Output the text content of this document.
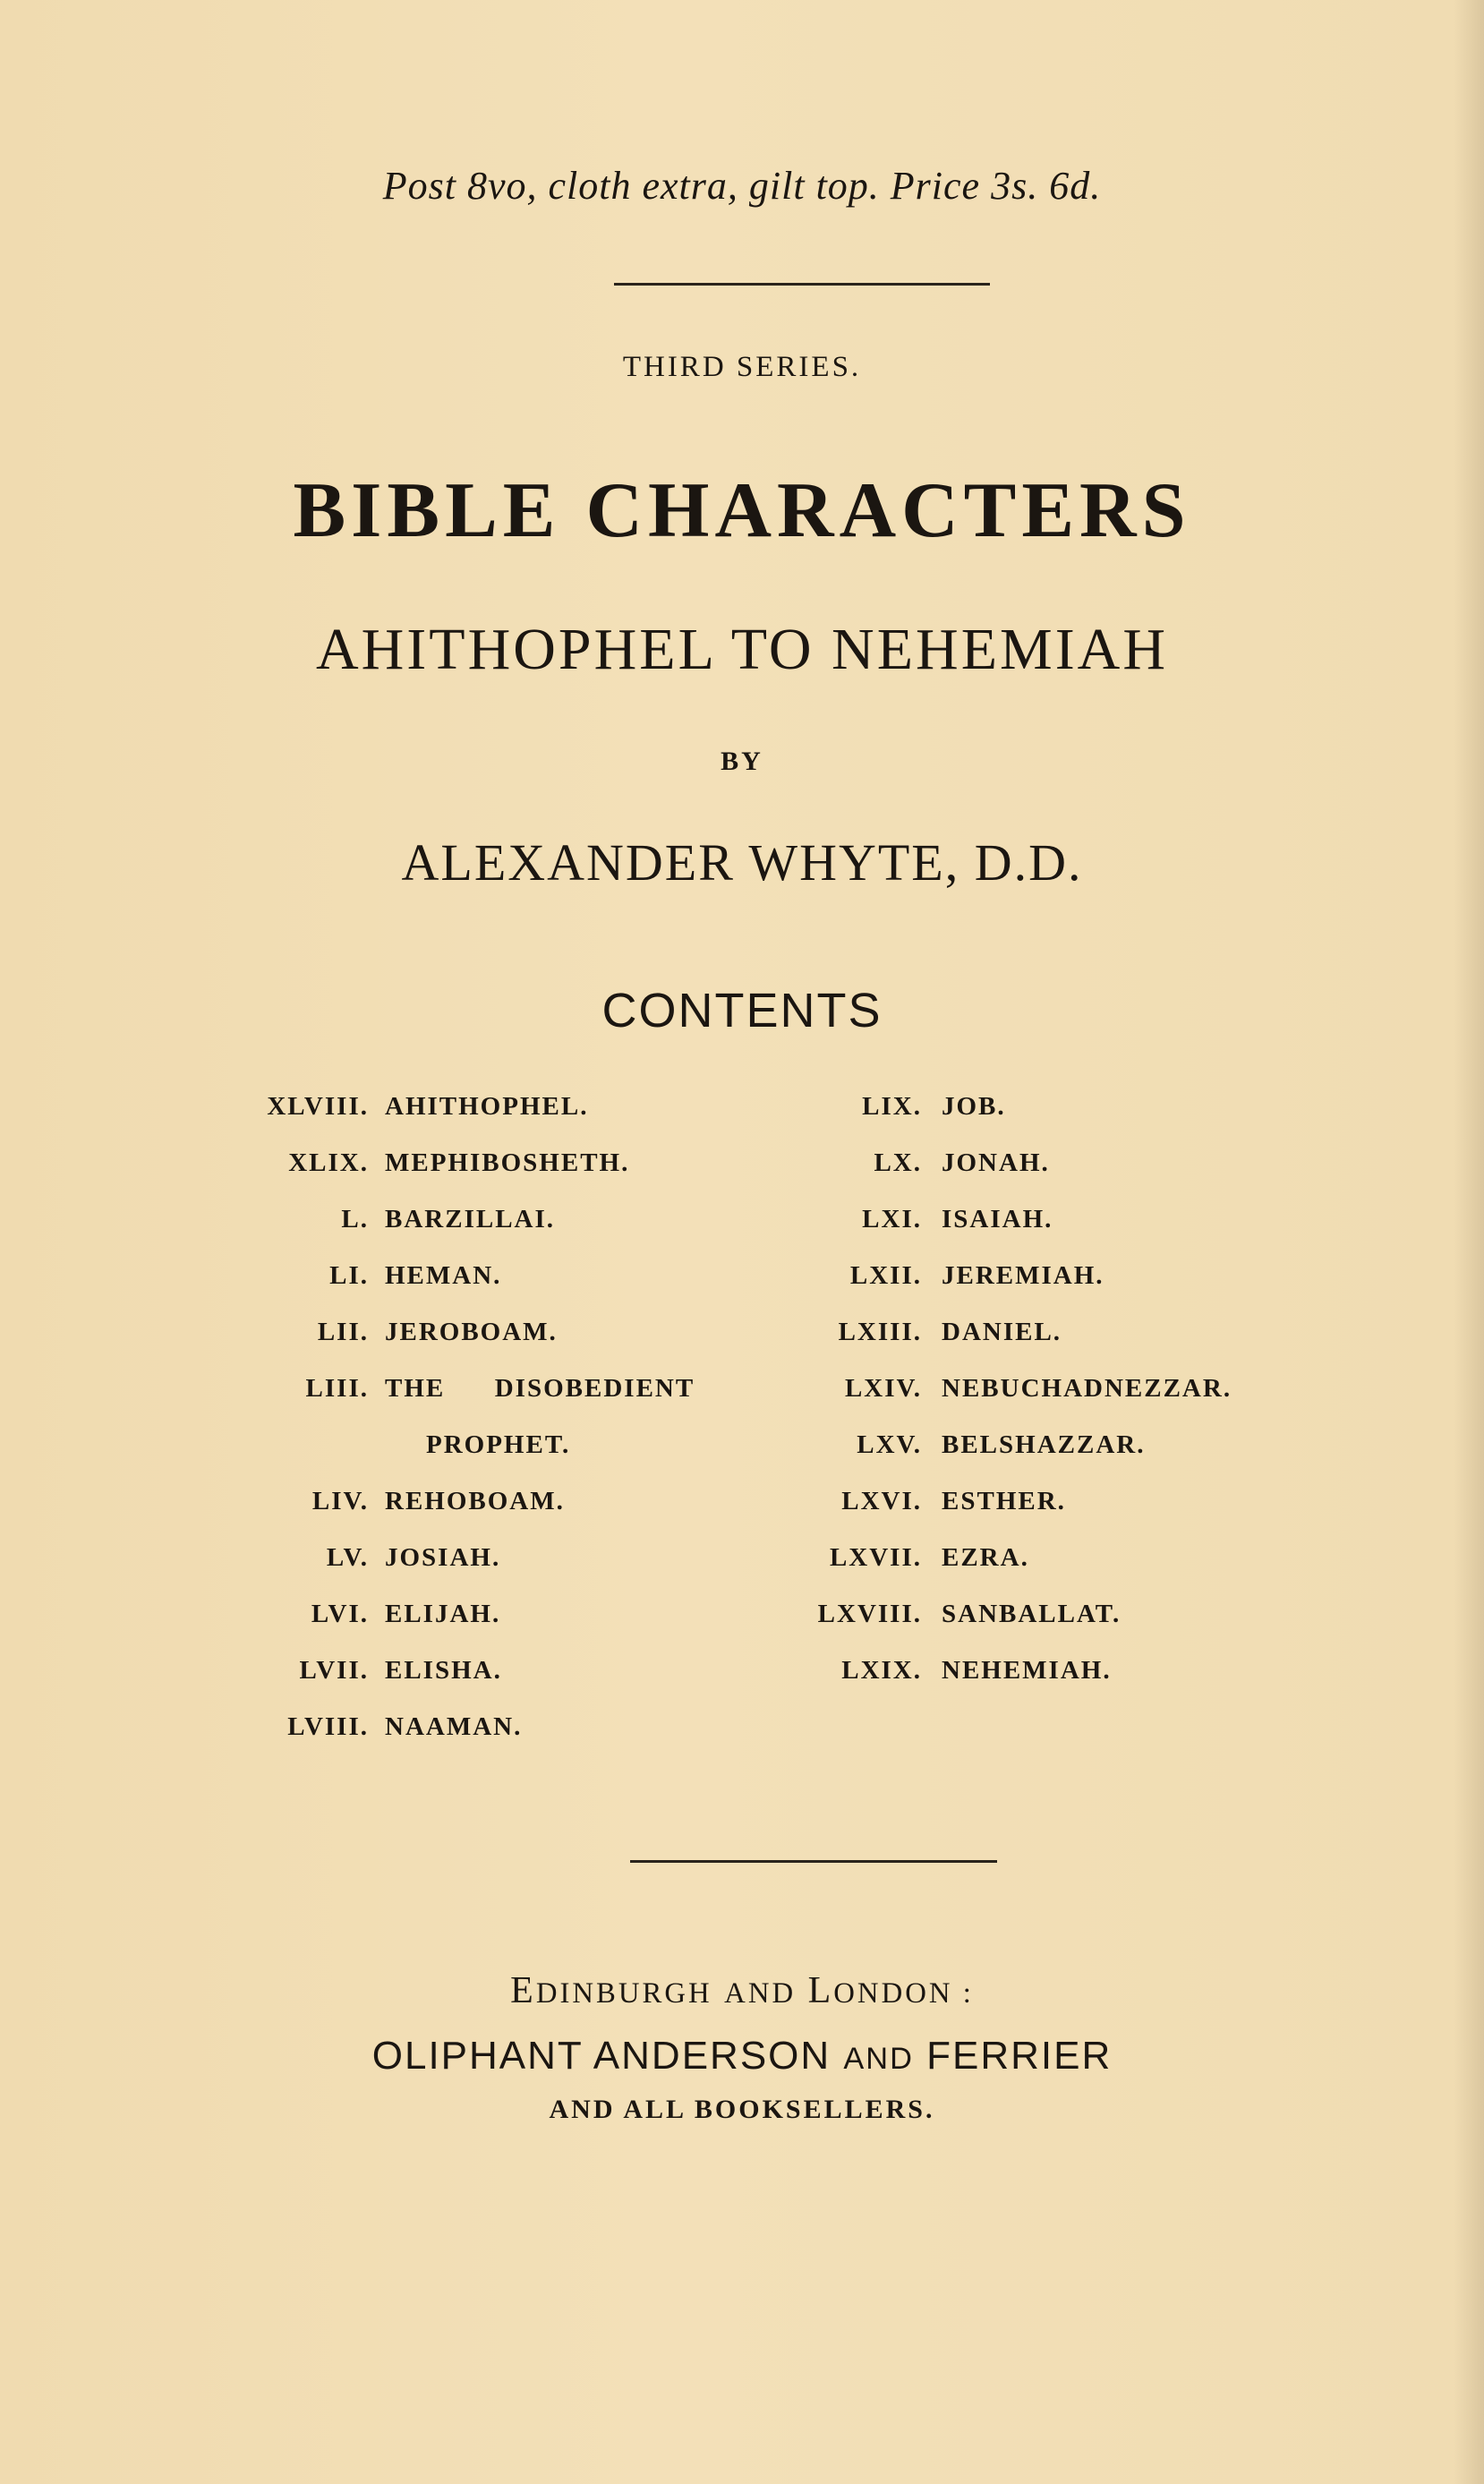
Post 8vo, cloth extra, gilt top. Price 3s. 6d.
THIRD SERIES.
BIBLE CHARACTERS
AHITHOPHEL TO NEHEMIAH
BY
ALEXANDER WHYTE, D.D.
CONTENTS
XLVIII. AHITHOPHEL.
XLIX. MEPHIBOSHETH.
L. BARZILLAI.
LI. HEMAN.
LII. JEROBOAM.
LIII. THE      DISOBEDIENT
PROPHET.
LIV. REHOBOAM.
LV. JOSIAH.
LVI. ELIJAH.
LVII. ELISHA.
LVIII. NAAMAN.
LIX. JOB.
LX. JONAH.
LXI. ISAIAH.
LXII. JEREMIAH.
LXIII. DANIEL.
LXIV. NEBUCHADNEZZAR.
LXV. BELSHAZZAR.
LXVI. ESTHER.
LXVII. EZRA.
LXVIII. SANBALLAT.
LXIX. NEHEMIAH.
EDINBURGH AND LONDON :
OLIPHANT ANDERSON AND FERRIER
AND ALL BOOKSELLERS.
